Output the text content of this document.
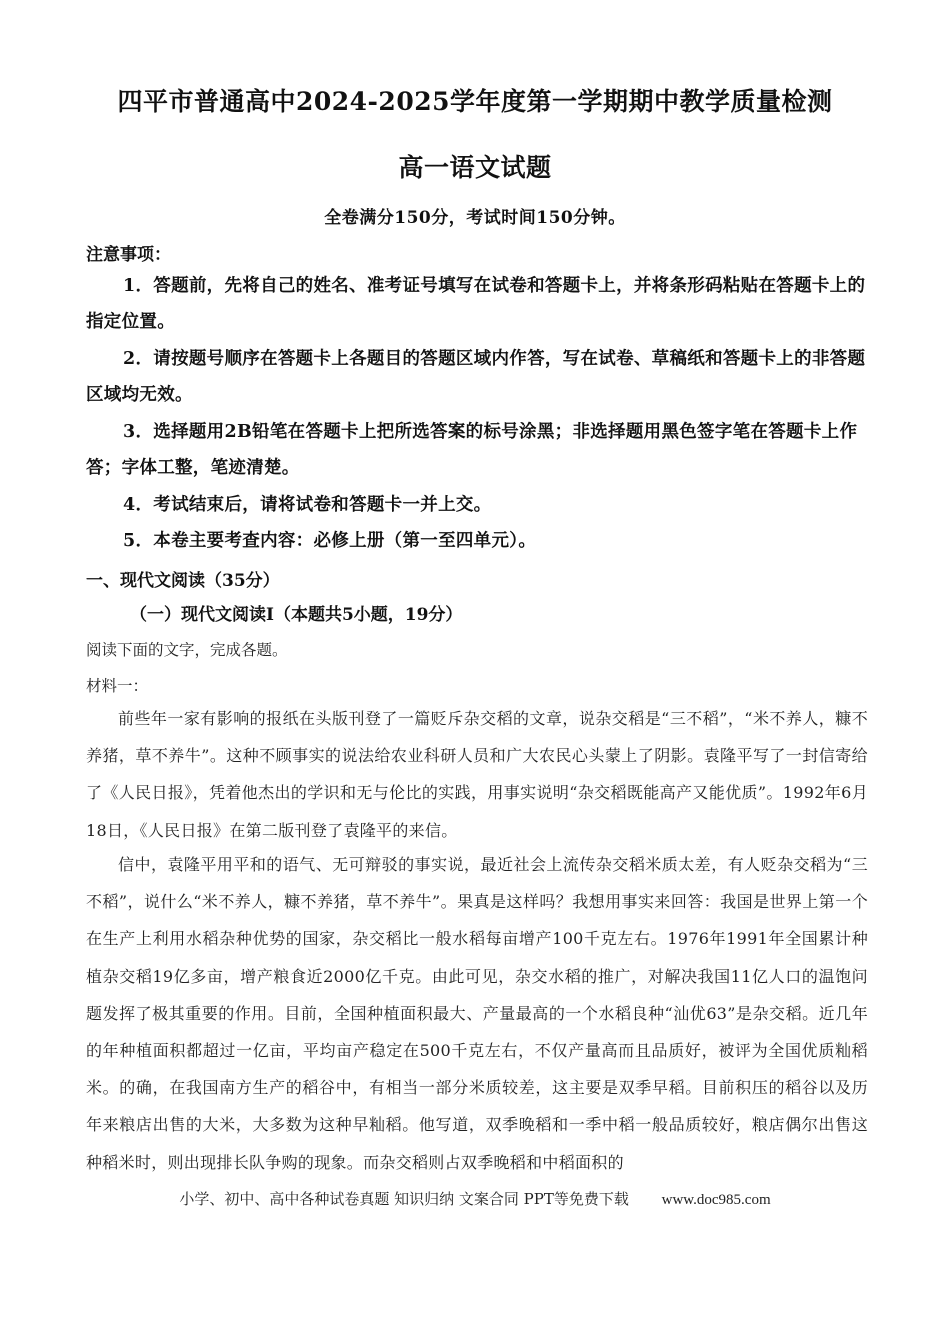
四平市普通高中2024-2025学年度第一学期期中教学质量检测
高一语文试题
全卷满分150分，考试时间150分钟。
注意事项：
1．答题前，先将自己的姓名、准考证号填写在试卷和答题卡上，并将条形码粘贴在答题卡上的指定位置。
2．请按题号顺序在答题卡上各题目的答题区域内作答，写在试卷、草稿纸和答题卡上的非答题区域均无效。
3．选择题用2B铅笔在答题卡上把所选答案的标号涂黑；非选择题用黑色签字笔在答题卡上作答；字体工整，笔迹清楚。
4．考试结束后，请将试卷和答题卡一并上交。
5．本卷主要考查内容：必修上册（第一至四单元）。
一、现代文阅读（35分）
（一）现代文阅读Ⅰ（本题共5小题，19分）
阅读下面的文字，完成各题。
材料一：
前些年一家有影响的报纸在头版刊登了一篇贬斥杂交稻的文章，说杂交稻是“三不稻”，“米不养人，糠不养猪，草不养牛”。这种不顾事实的说法给农业科研人员和广大农民心头蒙上了阴影。袁隆平写了一封信寄给了《人民日报》，凭着他杰出的学识和无与伦比的实践，用事实说明“杂交稻既能高产又能优质”。1992年6月18日，《人民日报》在第二版刊登了袁隆平的来信。
信中，袁隆平用平和的语气、无可辩驳的事实说，最近社会上流传杂交稻米质太差，有人贬杂交稻为“三不稻”，说什么“米不养人，糠不养猪，草不养牛”。果真是这样吗？我想用事实来回答：我国是世界上第一个在生产上利用水稻杂种优势的国家，杂交稻比一般水稻每亩增产100千克左右。1976年1991年全国累计种植杂交稻19亿多亩，增产粮食近2000亿千克。由此可见，杂交水稻的推广，对解决我国11亿人口的温饱问题发挥了极其重要的作用。目前，全国种植面积最大、产量最高的一个水稻良种“汕优63”是杂交稻。近几年的年种植面积都超过一亿亩，平均亩产稳定在500千克左右，不仅产量高而且品质好，被评为全国优质籼稻米。的确，在我国南方生产的稻谷中，有相当一部分米质较差，这主要是双季早稻。目前积压的稻谷以及历年来粮店出售的大米，大多数为这种早籼稻。他写道，双季晚稻和一季中稻一般品质较好，粮店偶尔出售这种稻米时，则出现排长队争购的现象。而杂交稻则占双季晚稻和中稻面积的
小学、初中、高中各种试卷真题 知识归纳 文案合同 PPT等免费下载 www.doc985.com
